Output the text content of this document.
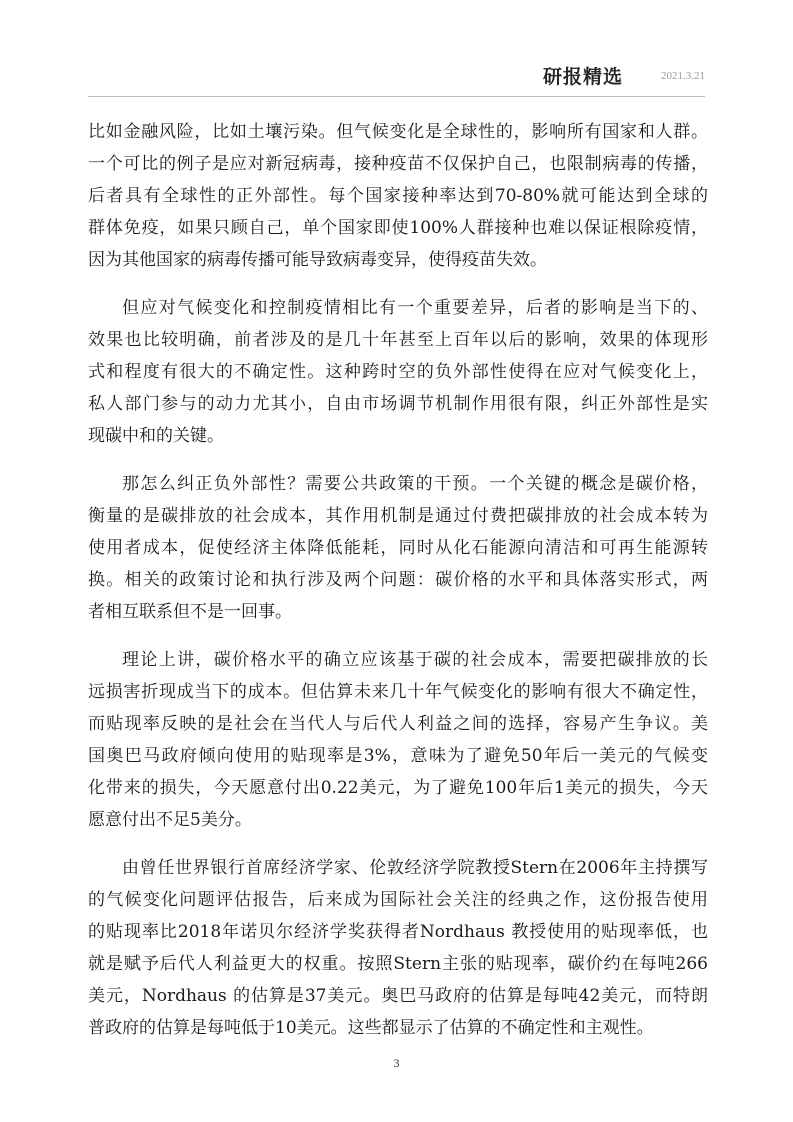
研报精选	2021.3.21
比如金融风险，比如土壤污染。但气候变化是全球性的，影响所有国家和人群。
一个可比的例子是应对新冠病毒，接种疫苗不仅保护自己，也限制病毒的传播，
后者具有全球性的正外部性。每个国家接种率达到70-80%就可能达到全球的
群体免疫，如果只顾自己，单个国家即使100%人群接种也难以保证根除疫情，
因为其他国家的病毒传播可能导致病毒变异，使得疫苗失效。
但应对气候变化和控制疫情相比有一个重要差异，后者的影响是当下的、
效果也比较明确，前者涉及的是几十年甚至上百年以后的影响，效果的体现形
式和程度有很大的不确定性。这种跨时空的负外部性使得在应对气候变化上，
私人部门参与的动力尤其小，自由市场调节机制作用很有限，纠正外部性是实
现碳中和的关键。
那怎么纠正负外部性？需要公共政策的干预。一个关键的概念是碳价格，
衡量的是碳排放的社会成本，其作用机制是通过付费把碳排放的社会成本转为
使用者成本，促使经济主体降低能耗，同时从化石能源向清洁和可再生能源转
换。相关的政策讨论和执行涉及两个问题：碳价格的水平和具体落实形式，两
者相互联系但不是一回事。
理论上讲，碳价格水平的确立应该基于碳的社会成本，需要把碳排放的长
远损害折现成当下的成本。但估算未来几十年气候变化的影响有很大不确定性，
而贴现率反映的是社会在当代人与后代人利益之间的选择，容易产生争议。美
国奥巴马政府倾向使用的贴现率是3%，意味为了避免50年后一美元的气候变
化带来的损失，今天愿意付出0.22美元，为了避免100年后1美元的损失，今天
愿意付出不足5美分。
由曾任世界银行首席经济学家、伦敦经济学院教授Stern在2006年主持撰写
的气候变化问题评估报告，后来成为国际社会关注的经典之作，这份报告使用
的贴现率比2018年诺贝尔经济学奖获得者Nordhaus 教授使用的贴现率低，也
就是赋予后代人利益更大的权重。按照Stern主张的贴现率，碳价约在每吨266
美元，Nordhaus 的估算是37美元。奥巴马政府的估算是每吨42美元，而特朗
普政府的估算是每吨低于10美元。这些都显示了估算的不确定性和主观性。
3
